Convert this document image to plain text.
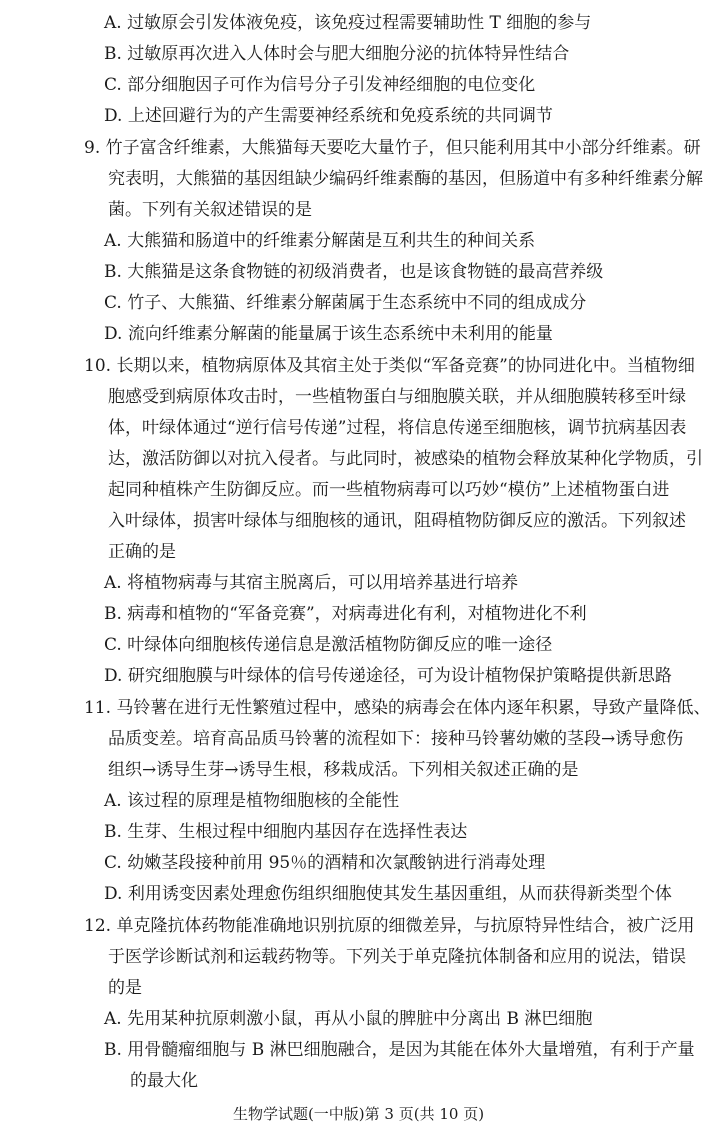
A. 过敏原会引发体液免疫，该免疫过程需要辅助性 T 细胞的参与
B. 过敏原再次进入人体时会与肥大细胞分泌的抗体特异性结合
C. 部分细胞因子可作为信号分子引发神经细胞的电位变化
D. 上述回避行为的产生需要神经系统和免疫系统的共同调节
9. 竹子富含纤维素，大熊猫每天要吃大量竹子，但只能利用其中小部分纤维素。研
究表明，大熊猫的基因组缺少编码纤维素酶的基因，但肠道中有多种纤维素分解
菌。下列有关叙述错误的是
A. 大熊猫和肠道中的纤维素分解菌是互利共生的种间关系
B. 大熊猫是这条食物链的初级消费者，也是该食物链的最高营养级
C. 竹子、大熊猫、纤维素分解菌属于生态系统中不同的组成成分
D. 流向纤维素分解菌的能量属于该生态系统中未利用的能量
10. 长期以来，植物病原体及其宿主处于类似“军备竞赛”的协同进化中。当植物细
胞感受到病原体攻击时，一些植物蛋白与细胞膜关联，并从细胞膜转移至叶绿
体，叶绿体通过“逆行信号传递”过程，将信息传递至细胞核，调节抗病基因表
达，激活防御以对抗入侵者。与此同时，被感染的植物会释放某种化学物质，引
起同种植株产生防御反应。而一些植物病毒可以巧妙“模仿”上述植物蛋白进
入叶绿体，损害叶绿体与细胞核的通讯，阻碍植物防御反应的激活。下列叙述
正确的是
A. 将植物病毒与其宿主脱离后，可以用培养基进行培养
B. 病毒和植物的“军备竞赛”，对病毒进化有利，对植物进化不利
C. 叶绿体向细胞核传递信息是激活植物防御反应的唯一途径
D. 研究细胞膜与叶绿体的信号传递途径，可为设计植物保护策略提供新思路
11. 马铃薯在进行无性繁殖过程中，感染的病毒会在体内逐年积累，导致产量降低、
品质变差。培育高品质马铃薯的流程如下：接种马铃薯幼嫩的茎段→诱导愈伤
组织→诱导生芽→诱导生根，移栽成活。下列相关叙述正确的是
A. 该过程的原理是植物细胞核的全能性
B. 生芽、生根过程中细胞内基因存在选择性表达
C. 幼嫩茎段接种前用 95％的酒精和次氯酸钠进行消毒处理
D. 利用诱变因素处理愈伤组织细胞使其发生基因重组，从而获得新类型个体
12. 单克隆抗体药物能准确地识别抗原的细微差异，与抗原特异性结合，被广泛用
于医学诊断试剂和运载药物等。下列关于单克隆抗体制备和应用的说法，错误
的是
A. 先用某种抗原刺激小鼠，再从小鼠的脾脏中分离出 B 淋巴细胞
B. 用骨髓瘤细胞与 B 淋巴细胞融合，是因为其能在体外大量增殖，有利于产量
的最大化
生物学试题(一中版)第 3 页(共 10 页)
